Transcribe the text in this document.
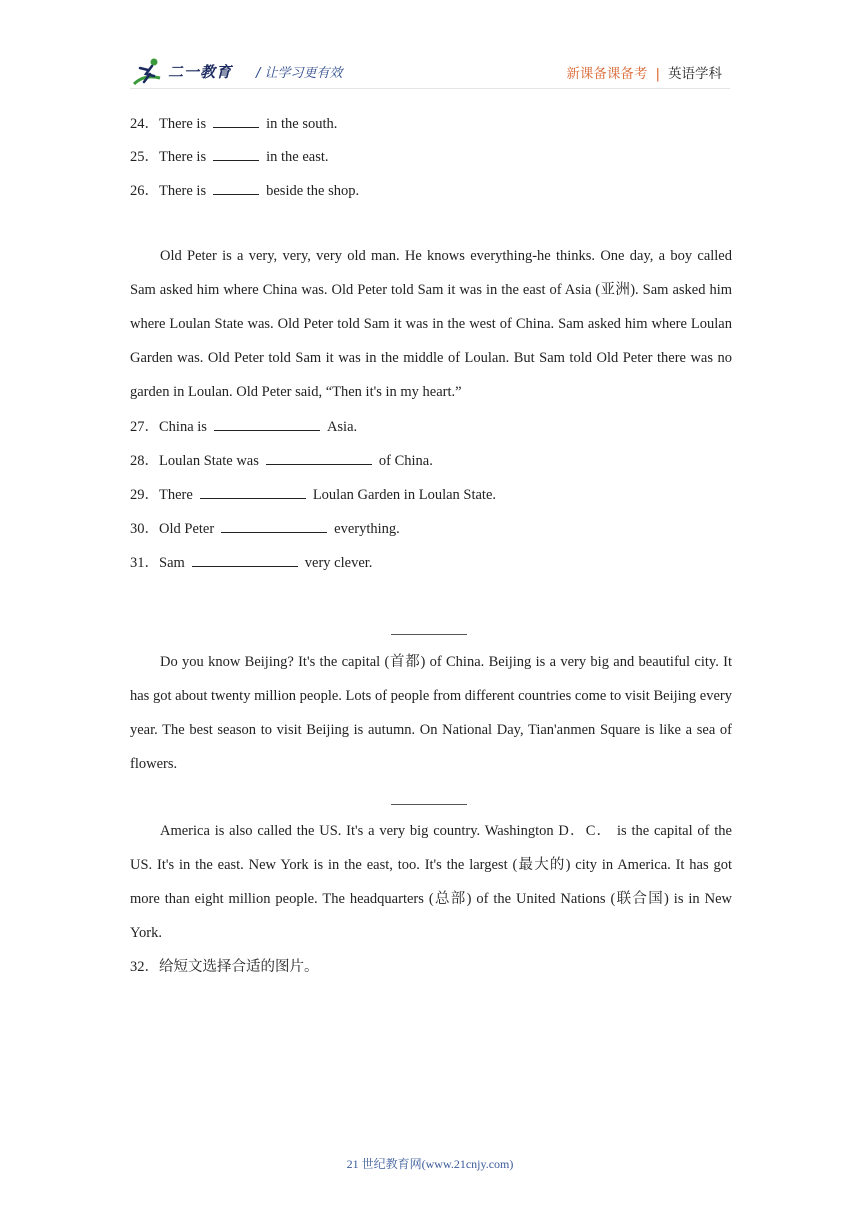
二一教育 / 让学习更有效	新课备课备考 | 英语学科
24．There is	in the south.
25．There is	in the east.
26．There is	beside the shop.

Old Peter is a very, very, very old man. He knows everything-he thinks. One day, a boy called Sam asked him where China was. Old Peter told Sam it was in the east of Asia (亚洲). Sam asked him where Loulan State was. Old Peter told Sam it was in the west of China. Sam asked him where Loulan Garden was. Old Peter told Sam it was in the middle of Loulan. But Sam told Old Peter there was no garden in Loulan. Old Peter said, “Then it's in my heart.”

27．China is	Asia.
28．Loulan State was	of China.
29．There	Loulan Garden in Loulan State.
30．Old Peter	everything.
31．Sam	very clever.

Do you know Beijing? It's the capital (首都) of China. Beijing is a very big and beautiful city. It has got about twenty million people. Lots of people from different countries come to visit Beijing every year. The best season to visit Beijing is autumn. On National Day, Tian'anmen Square is like a sea of flowers.

America is also called the US. It's a very big country. Washington D．C． is the capital of the US. It's in the east. New York is in the east, too. It's the largest (最大的) city in America. It has got more than eight million people. The headquarters (总部) of the United Nations (联合国) is in New York.

32．给短文选择合适的图片。
21 世纪教育网(www.21cnjy.com)
